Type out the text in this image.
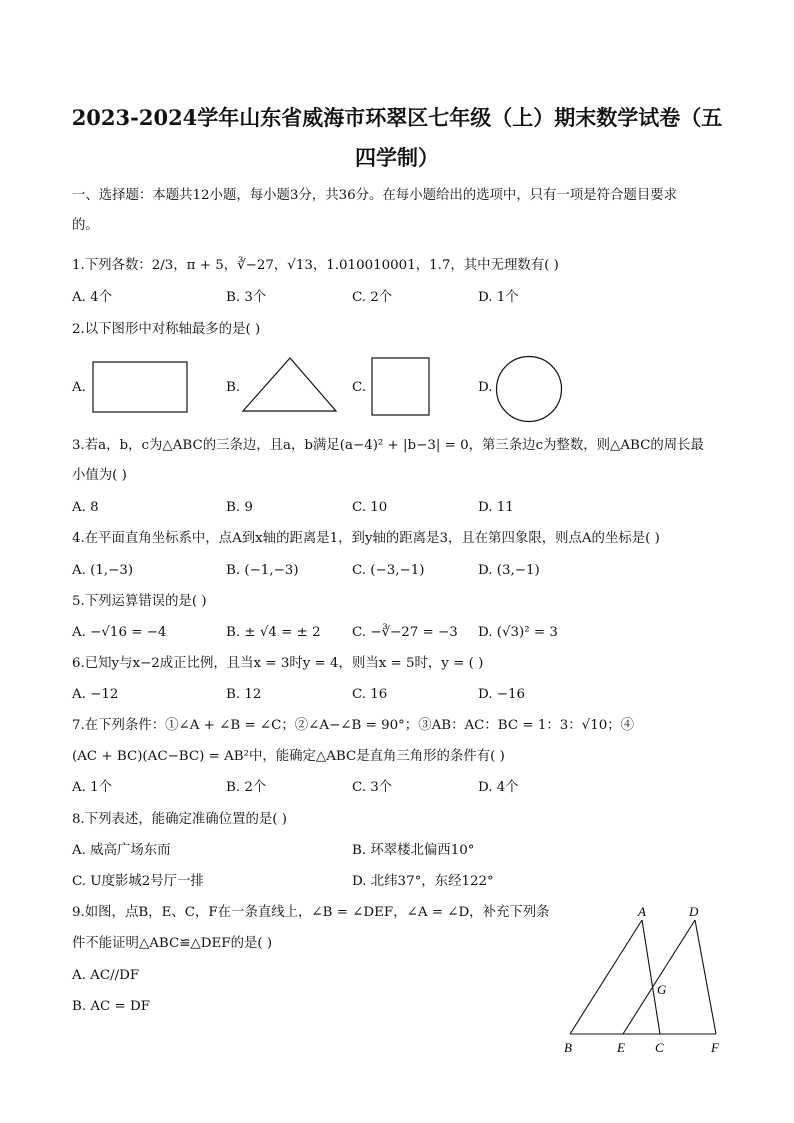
2023-2024学年山东省威海市环翠区七年级（上）期末数学试卷（五
四学制）
一、选择题：本题共12小题，每小题3分，共36分。在每小题给出的选项中，只有一项是符合题目要求
的。
1.下列各数：2/3，π + 5，∛−27，√13，1.010010001，1.7̇，其中无理数有( )
A. 4个	B. 3个	C. 2个	D. 1个
2.以下图形中对称轴最多的是( )
A.	B.	C.	D.
3.若a，b，c为△ABC的三条边，且a，b满足(a−4)² + |b−3| = 0，第三条边c为整数，则△ABC的周长最
小值为( )
A. 8	B. 9	C. 10	D. 11
4.在平面直角坐标系中，点A到x轴的距离是1，到y轴的距离是3，且在第四象限，则点A的坐标是( )
A. (1,−3)	B. (−1,−3)	C. (−3,−1)	D. (3,−1)
5.下列运算错误的是( )
A. −√16 = −4	B. ± √4 = ± 2 C. −∛−27 = −3 D. (√3)² = 3
6.已知y与x−2成正比例，且当x = 3时y = 4，则当x = 5时，y = ( )
A. −12	B. 12	C. 16	D. −16
7.在下列条件：①∠A + ∠B = ∠C；②∠A−∠B = 90°；③AB：AC：BC = 1：3：√10；④
(AC + BC)(AC−BC) = AB²中，能确定△ABC是直角三角形的条件有( )
A. 1个	B. 2个	C. 3个	D. 4个
8.下列表述，能确定准确位置的是( )
A. 威高广场东而	B. 环翠楼北偏西10°
C. U度影城2号厅一排	D. 北纬37°，东经122°
9.如图，点B，E、C，F在一条直线上，∠B = ∠DEF，∠A = ∠D，补充下列条
件不能证明△ABC≌△DEF的是( )
A. AC//DF
B. AC = DF
A	D
G
B	E C	F
